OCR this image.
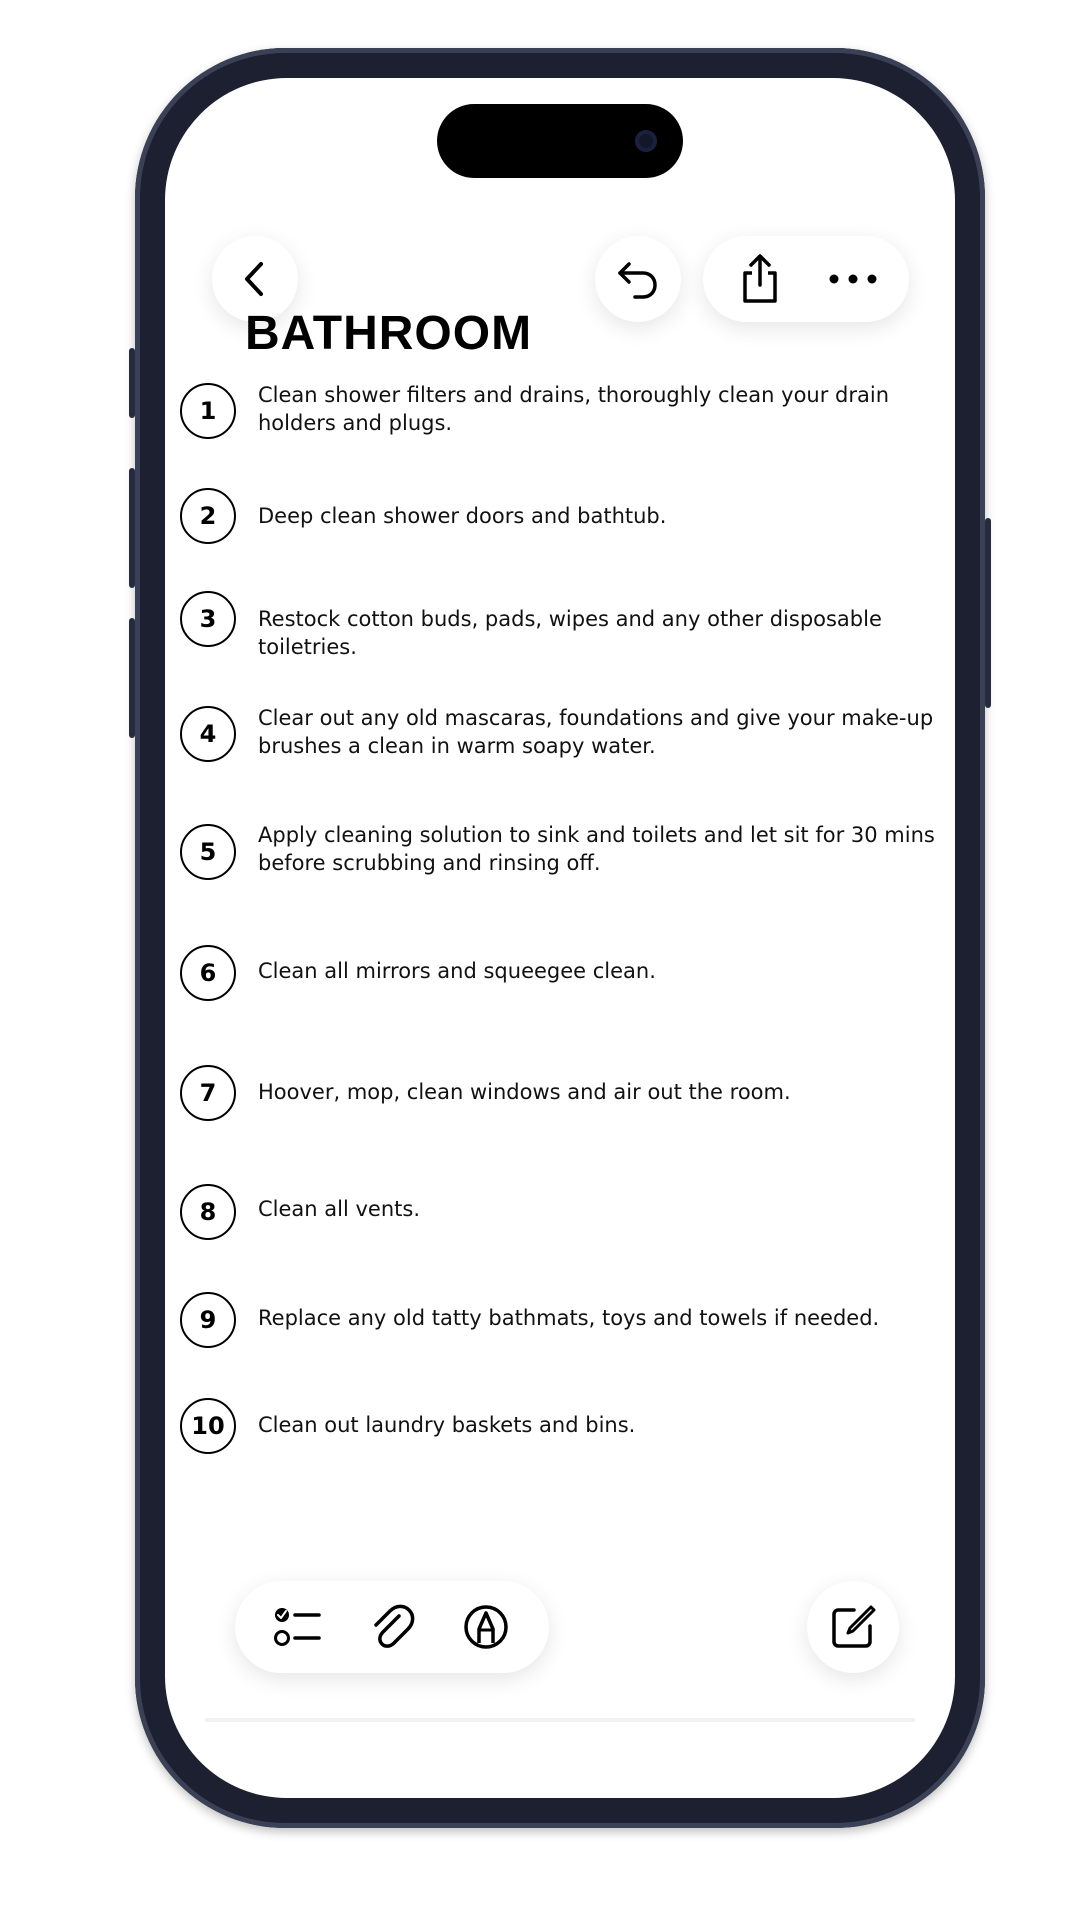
BATHROOM
1
Clean shower filters and drains, thoroughly clean your drain holders and plugs.
2	Deep clean shower doors and bathtub.
3	Restock cotton buds, pads, wipes and any other disposable toiletries.
4
Clear out any old mascaras, foundations and give your make-up brushes a clean in warm soapy water.
5
Apply cleaning solution to sink and toilets and let sit for 30 mins before scrubbing and rinsing off.
6	Clean all mirrors and squeegee clean.
7	Hoover, mop, clean windows and air out the room.
8	Clean all vents.
9	Replace any old tatty bathmats, toys and towels if needed.
10	Clean out laundry baskets and bins.
